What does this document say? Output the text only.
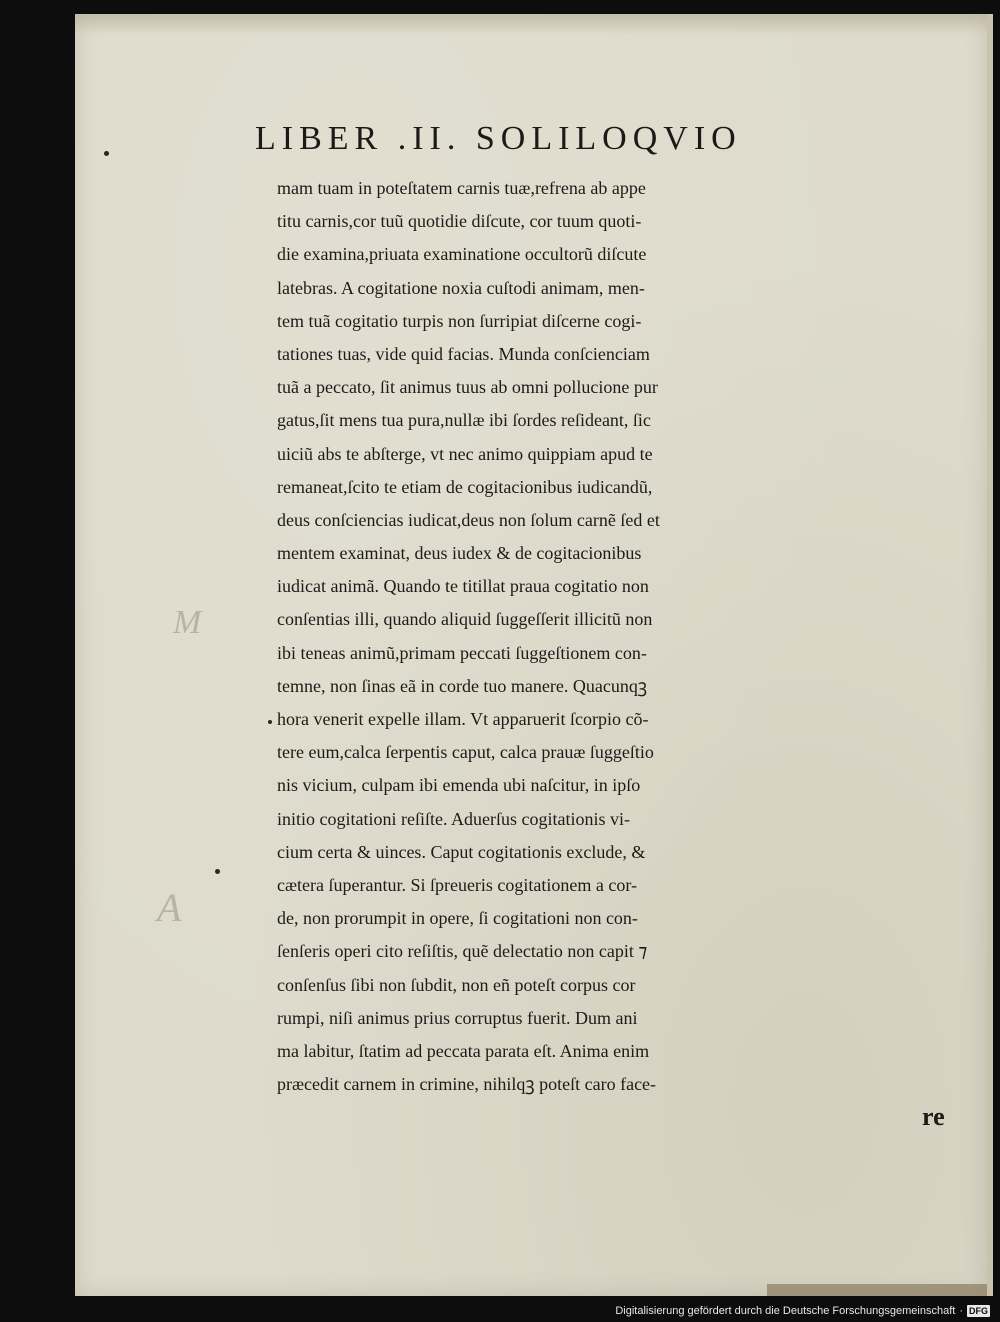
M
A
LIBER .II. SOLILOQVIO
mam tuam in poteſtatem carnis tuæ,refrena ab appe
titu carnis,cor tuũ quotidie diſcute, cor tuum quoti-
die examina,priuata examinatione occultorũ diſcute
latebras. A cogitatione noxia cuſtodi animam, men-
tem tuã cogitatio turpis non ſurripiat diſcerne cogi-
tationes tuas, vide quid facias. Munda conſcienciam
tuã a peccato, ſit animus tuus ab omni pollucione pur
gatus,ſit mens tua pura,nullæ ibi ſordes reſideant, ſic
uiciũ abs te abſterge, vt nec animo quippiam apud te
remaneat,ſcito te etiam de cogitacionibus iudicandũ,
deus conſciencias iudicat,deus non ſolum carnẽ ſed et
mentem examinat, deus iudex & de cogitacionibus
iudicat animã. Quando te titillat praua cogitatio non
conſentias illi, quando aliquid ſuggeſſerit illicitũ non
ibi teneas animũ,primam peccati ſuggeſtionem con-
temne, non ſinas eã in corde tuo manere. Quacunqꝫ
hora venerit expelle illam. Vt apparuerit ſcorpio cõ-
tere eum,calca ſerpentis caput, calca prauæ ſuggeſtio
nis vicium, culpam ibi emenda ubi naſcitur, in ipſo
initio cogitationi reſiſte. Aduerſus cogitationis vi-
cium certa & uinces. Caput cogitationis exclude, &
cætera ſuperantur. Si ſpreueris cogitationem a cor-
de, non prorumpit in opere, ſi cogitationi non con-
ſenſeris operi cito reſiſtis, quẽ delectatio non capit ⁊
conſenſus ſibi non ſubdit, non eñ poteſt corpus cor
rumpi, niſi animus prius corruptus fuerit. Dum ani
ma labitur, ſtatim ad peccata parata eſt. Anima enim
præcedit carnem in crimine, nihilqꝫ poteſt caro face-
re
Digitalisierung gefördert durch die Deutsche Forschungsgemeinschaft · DFG
